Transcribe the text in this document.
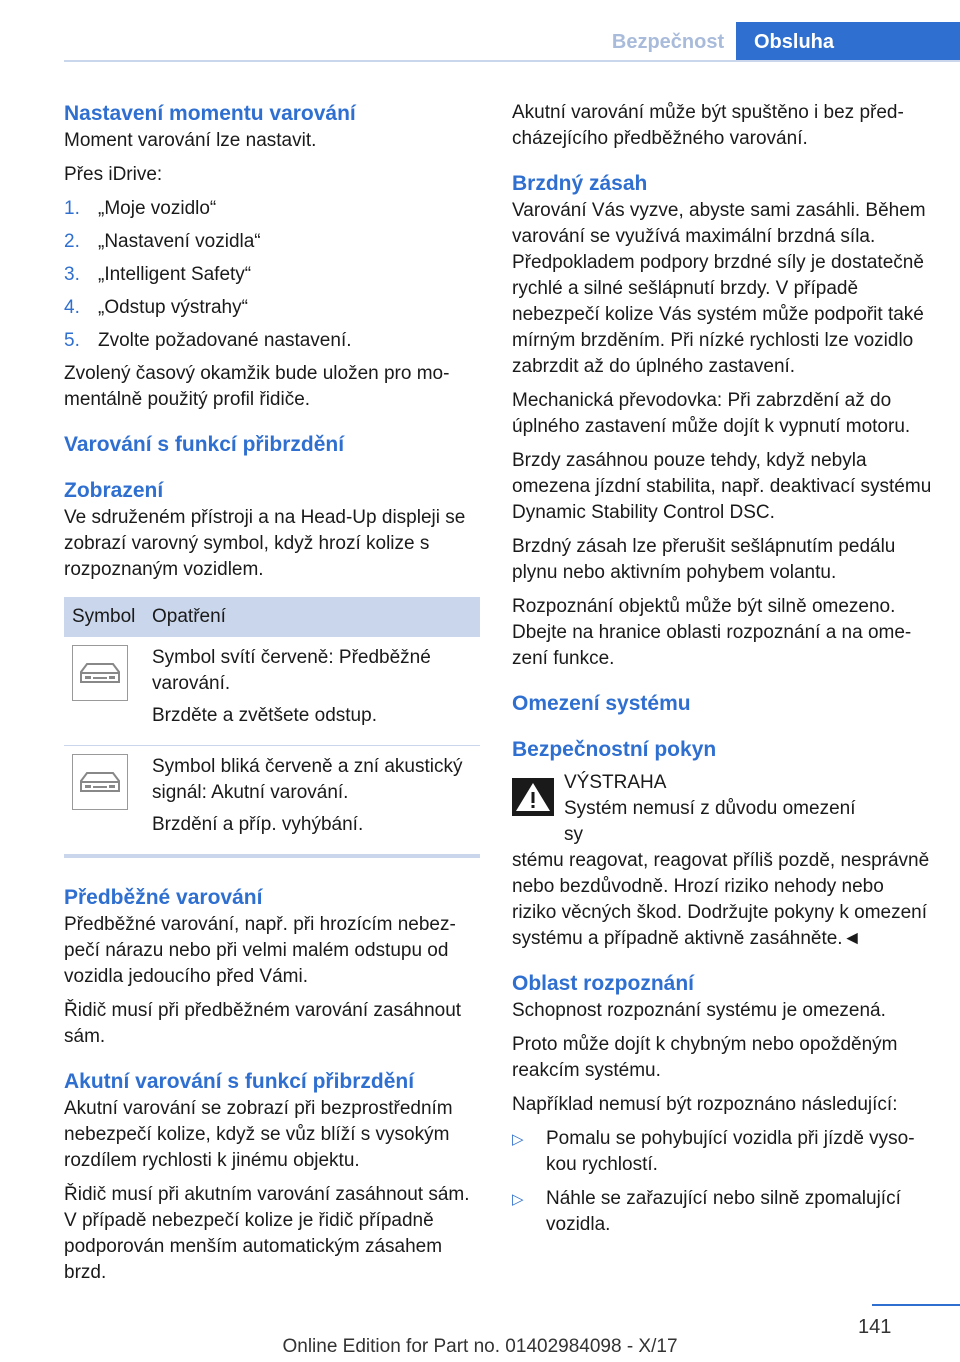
Bezpečnost	Obsluha
Nastavení momentu varování

Moment varování lze nastavit.

Přes iDrive:

1. „Moje vozidlo“
2. „Nastavení vozidla“
3. „Intelligent Safety“
4. „Odstup výstrahy“
5. Zvolte požadované nastavení.

Zvolený časový okamžik bude uložen pro momentálně použitý profil řidiče.

Varování s funkcí přibrzdění
Zobrazení

Ve sdruženém přístroji a na Head-Up displeji se zobrazí varovný symbol, když hrozí kolize s rozpoznaným vozidlem.

Symbol Opatření

Symbol svítí červeně: Předběžné varování.

Brzděte a zvětšete odstup.

Symbol bliká červeně a zní akustický signál: Akutní varování.

Brzdění a příp. vyhýbání.

Předběžné varování

Předběžné varování, např. při hrozícím nebezpečí nárazu nebo při velmi malém odstupu od vozidla jedoucího před Vámi.

Řidič musí při předběžném varování zasáhnout sám.

Akutní varování s funkcí přibrzdění

Akutní varování se zobrazí při bezprostředním nebezpečí kolize, když se vůz blíží s vysokým rozdílem rychlosti k jinému objektu.

Řidič musí při akutním varování zasáhnout sám. V případě nebezpečí kolize je řidič případně podporován menším automatickým zásahem brzd.

Akutní varování může být spuštěno i bez předcházejícího předběžného varování.

Brzdný zásah

Varování Vás vyzve, abyste sami zasáhli. Během varování se využívá maximální brzdná síla. Předpokladem podpory brzdné síly je dostatečně rychlé a silné sešlápnutí brzdy. V případě nebezpečí kolize Vás systém může podpořit také mírným brzděním. Při nízké rychlosti lze vozidlo zabrzdit až do úplného zastavení.

Mechanická převodovka: Při zabrzdění až do úplného zastavení může dojít k vypnutí motoru.

Brzdy zasáhnou pouze tehdy, když nebyla omezena jízdní stabilita, např. deaktivací systému Dynamic Stability Control DSC.

Brzdný zásah lze přerušit sešlápnutím pedálu plynu nebo aktivním pohybem volantu.

Rozpoznání objektů může být silně omezeno. Dbejte na hranice oblasti rozpoznání a na omezení funkce.

Omezení systému
Bezpečnostní pokyn

VÝSTRAHA

Systém nemusí z důvodu omezení sy

stému reagovat, reagovat příliš pozdě, nesprávně nebo bezdůvodně. Hrozí riziko nehody nebo riziko věcných škod. Dodržujte pokyny k omezení systému a případně aktivně zasáhněte.◄

Oblast rozpoznání

Schopnost rozpoznání systému je omezená.

Proto může dojít k chybným nebo opožděným reakcím systému.

Například nemusí být rozpoznáno následující:

▷ Pomalu se pohybující vozidla při jízdě vysokou rychlostí.
▷ Náhle se zařazující nebo silně zpomalující vozidla.
141
Online Edition for Part no. 01402984098 - X/17
